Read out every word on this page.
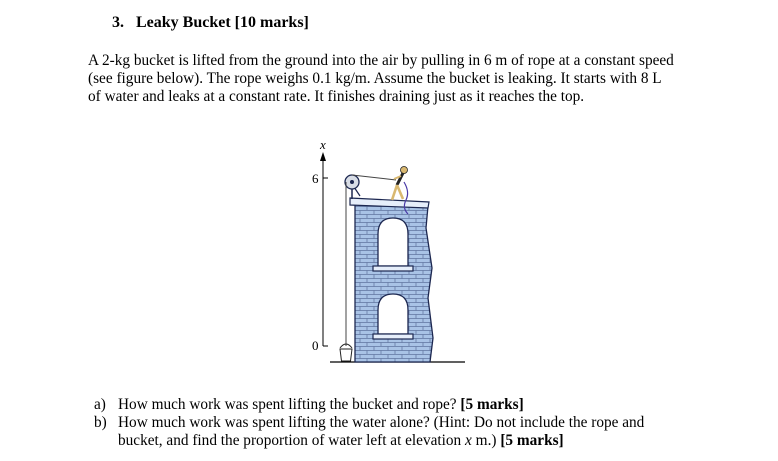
3. Leaky Bucket [10 marks]
A 2-kg bucket is lifted from the ground into the air by pulling in 6 m of rope at a constant speed
(see figure below). The rope weighs 0.1 kg/m. Assume the bucket is leaking. It starts with 8 L
of water and leaks at a constant rate. It finishes draining just as it reaches the top.
x
6
0
a) How much work was spent lifting the bucket and rope? [5 marks]
b) How much work was spent lifting the water alone? (Hint: Do not include the rope and
bucket, and find the proportion of water left at elevation x m.) [5 marks]
